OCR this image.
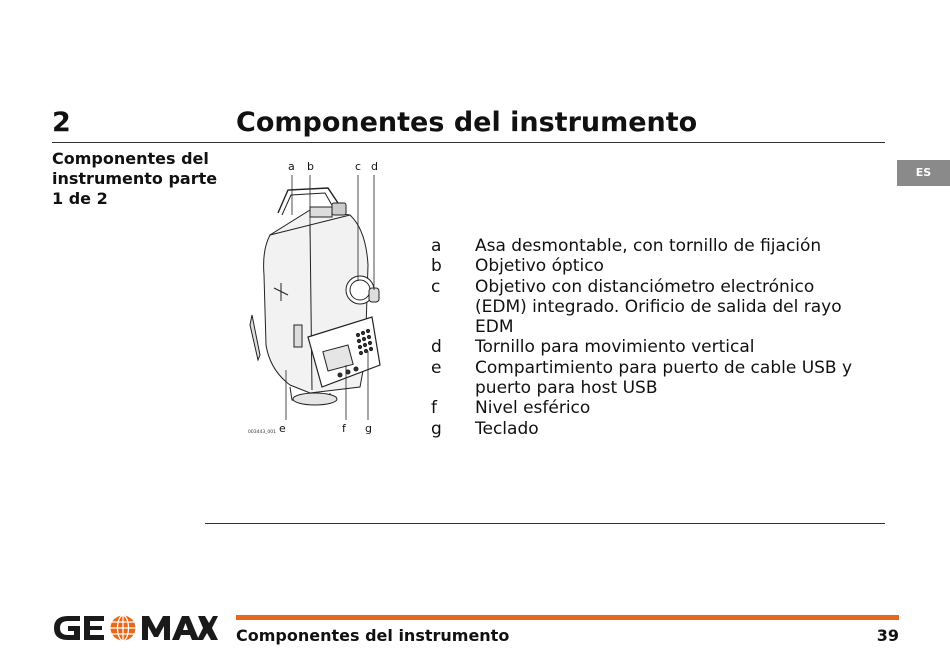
2	Componentes del instrumento
Componentes del instrumento parte 1 de 2
ES
a b	c d
e	f g
003443_001
a	Asa desmontable, con tornillo de fijación
b	Objetivo óptico
c	Objetivo con distanciómetro electrónico (EDM) integrado. Orificio de salida del rayo EDM
d	Tornillo para movimiento vertical
e	Compartimiento para puerto de cable USB y puerto para host USB
f	Nivel esférico
g	Teclado
Componentes del instrumento	39
